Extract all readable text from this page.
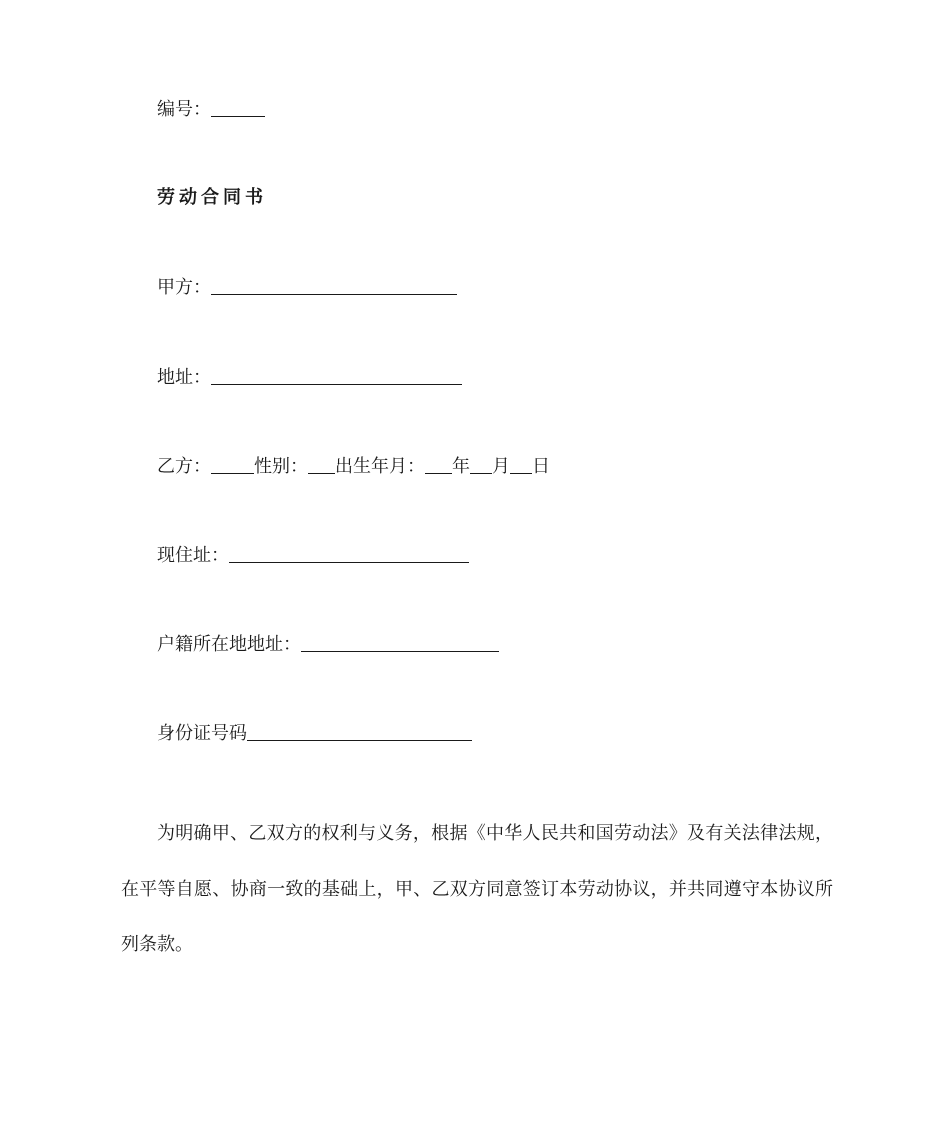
编号：
劳动合同书
甲方：
地址：
乙方： 性别： 出生年月： 年 月 日
现住址：
户籍所在地地址：
身份证号码

为明确甲、乙双方的权利与义务，根据《中华人民共和国劳动法》及有关法律法规，在平等自愿、协商一致的基础上，甲、乙双方同意签订本劳动协议，并共同遵守本协议所列条款。
